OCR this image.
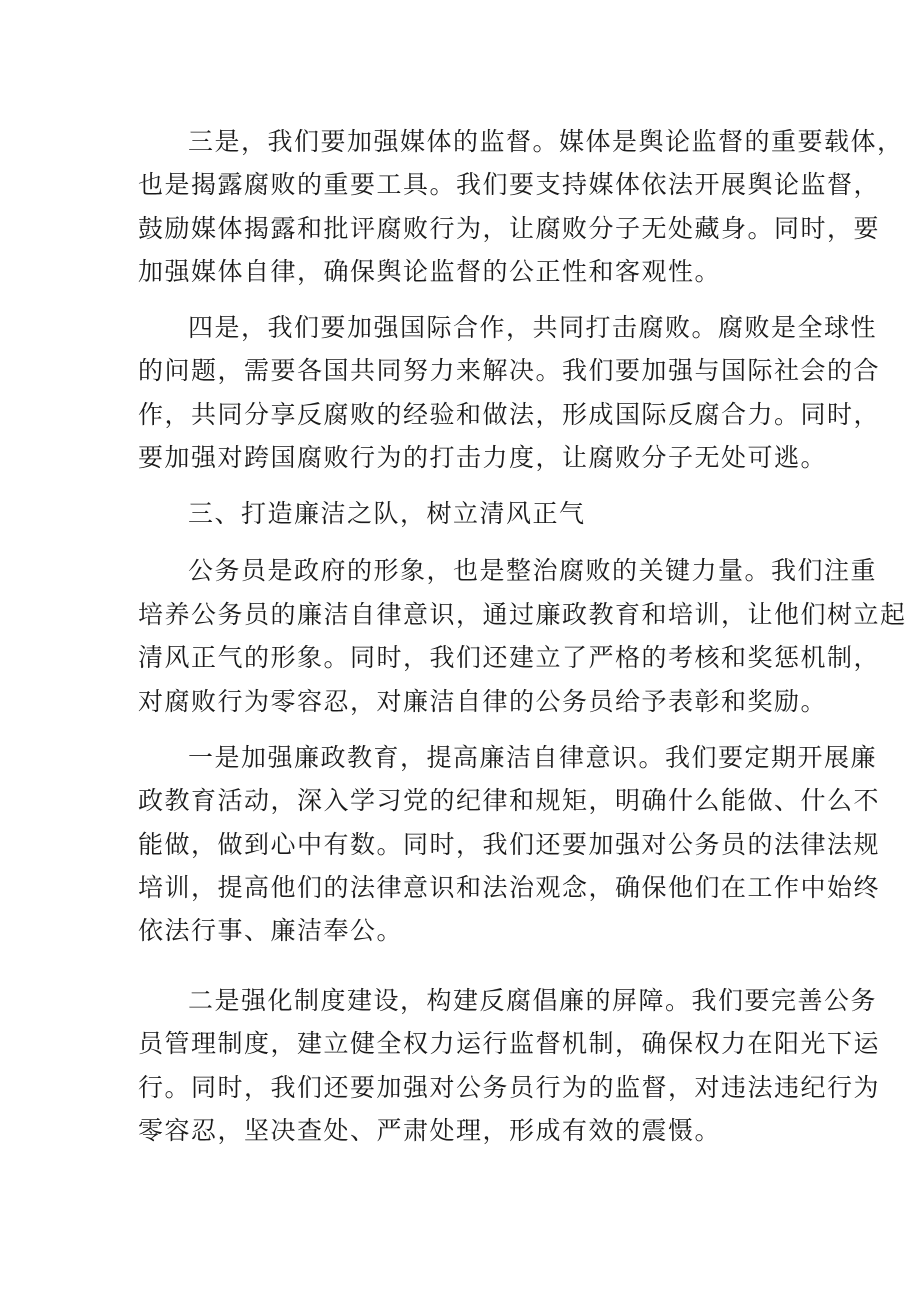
三是，我们要加强媒体的监督。媒体是舆论监督的重要载体，
也是揭露腐败的重要工具。我们要支持媒体依法开展舆论监督，
鼓励媒体揭露和批评腐败行为，让腐败分子无处藏身。同时，要
加强媒体自律，确保舆论监督的公正性和客观性。
四是，我们要加强国际合作，共同打击腐败。腐败是全球性
的问题，需要各国共同努力来解决。我们要加强与国际社会的合
作，共同分享反腐败的经验和做法，形成国际反腐合力。同时，
要加强对跨国腐败行为的打击力度，让腐败分子无处可逃。
三、打造廉洁之队，树立清风正气
公务员是政府的形象，也是整治腐败的关键力量。我们注重
培养公务员的廉洁自律意识，通过廉政教育和培训，让他们树立起
清风正气的形象。同时，我们还建立了严格的考核和奖惩机制，
对腐败行为零容忍，对廉洁自律的公务员给予表彰和奖励。
一是加强廉政教育，提高廉洁自律意识。我们要定期开展廉
政教育活动，深入学习党的纪律和规矩，明确什么能做、什么不
能做，做到心中有数。同时，我们还要加强对公务员的法律法规
培训，提高他们的法律意识和法治观念，确保他们在工作中始终
依法行事、廉洁奉公。
二是强化制度建设，构建反腐倡廉的屏障。我们要完善公务
员管理制度，建立健全权力运行监督机制，确保权力在阳光下运
行。同时，我们还要加强对公务员行为的监督，对违法违纪行为
零容忍，坚决查处、严肃处理，形成有效的震慑。
